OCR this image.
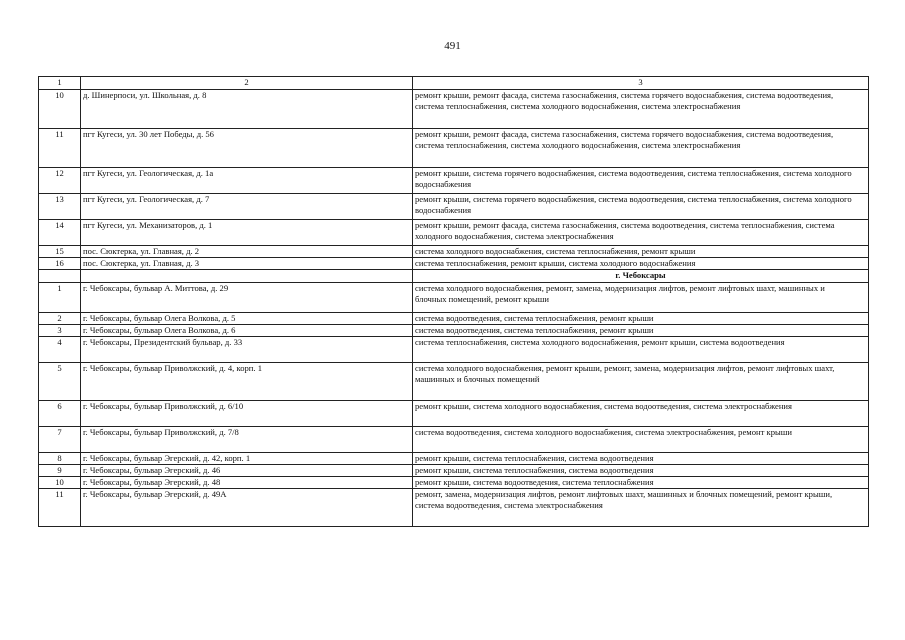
491
1	2	3
10	д. Шинерпоси, ул. Школьная, д. 8	ремонт крыши, ремонт фасада, система газоснабжения, система горячего водоснабжения, система водоотведения, система теплоснабжения, система холодного водоснабжения, система электроснабжения
11	пгт Кугеси, ул. 30 лет Победы, д. 56	ремонт крыши, ремонт фасада, система газоснабжения, система горячего водоснабжения, система водоотведения, система теплоснабжения, система холодного водоснабжения, система электроснабжения
12	пгт Кугеси, ул. Геологическая, д. 1а	ремонт крыши, система горячего водоснабжения, система водоотведения, система теплоснабжения, система холодного водоснабжения
13	пгт Кугеси, ул. Геологическая, д. 7	ремонт крыши, система горячего водоснабжения, система водоотведения, система теплоснабжения, система холодного водоснабжения
14	пгт Кугеси, ул. Механизаторов, д. 1	ремонт крыши, ремонт фасада, система газоснабжения, система водоотведения, система теплоснабжения, система холодного водоснабжения, система электроснабжения
15	пос. Сюктерка, ул. Главная, д. 2	система холодного водоснабжения, система теплоснабжения, ремонт крыши
16	пос. Сюктерка, ул. Главная, д. 3	система теплоснабжения, ремонт крыши, система холодного водоснабжения
		г. Чебоксары
1	г. Чебоксары, бульвар А. Миттова, д. 29	система холодного водоснабжения, ремонт, замена, модернизация лифтов, ремонт лифтовых шахт, машинных и блочных помещений, ремонт крыши
2	г. Чебоксары, бульвар Олега Волкова, д. 5	система водоотведения, система теплоснабжения, ремонт крыши
3	г. Чебоксары, бульвар Олега Волкова, д. 6	система водоотведения, система теплоснабжения, ремонт крыши
4	г. Чебоксары, Президентский бульвар, д. 33	система теплоснабжения, система холодного водоснабжения, ремонт крыши, система водоотведения
5	г. Чебоксары, бульвар Приволжский, д. 4, корп. 1	система холодного водоснабжения, ремонт крыши, ремонт, замена, модернизация лифтов, ремонт лифтовых шахт, машинных и блочных помещений
6	г. Чебоксары, бульвар Приволжский, д. 6/10	ремонт крыши, система холодного водоснабжения, система водоотведения, система электроснабжения
7	г. Чебоксары, бульвар Приволжский, д. 7/8	система водоотведения, система холодного водоснабжения, система электроснабжения, ремонт крыши
8	г. Чебоксары, бульвар Эгерский, д. 42, корп. 1	ремонт крыши, система теплоснабжения, система водоотведения
9	г. Чебоксары, бульвар Эгерский, д. 46	ремонт крыши, система теплоснабжения, система водоотведения
10	г. Чебоксары, бульвар Эгерский, д. 48	ремонт крыши, система водоотведения, система теплоснабжения
11	г. Чебоксары, бульвар Эгерский, д. 49А	ремонт, замена, модернизация лифтов, ремонт лифтовых шахт, машинных и блочных помещений, ремонт крыши, система водоотведения, система электроснабжения
